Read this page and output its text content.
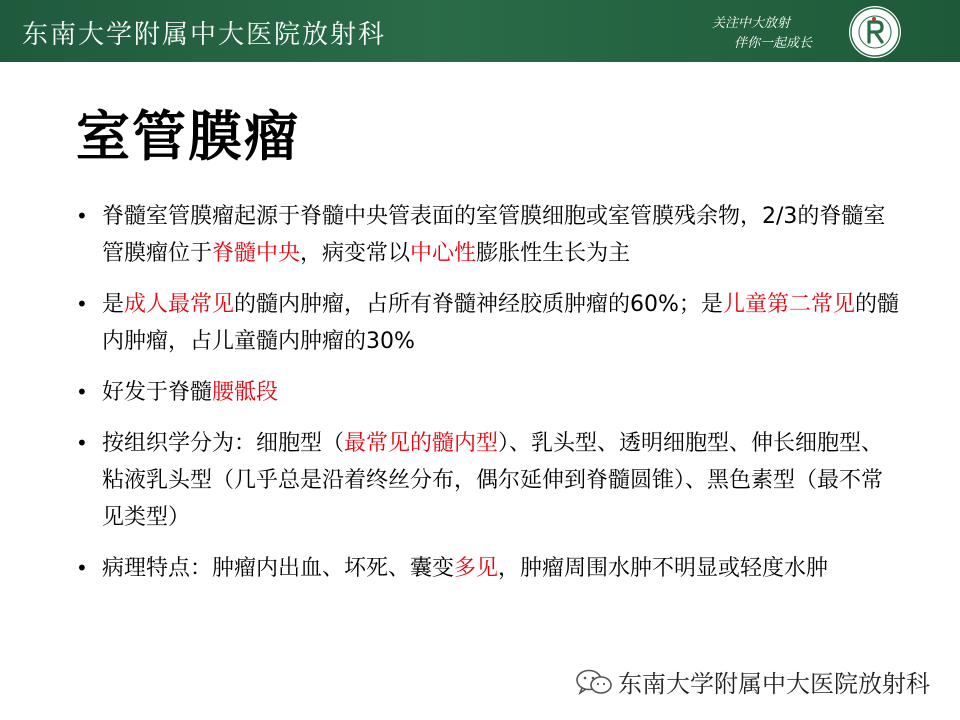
东南大学附属中大医院放射科	关注中大放射
伴你一起成长
室管膜瘤
• 脊髓室管膜瘤起源于脊髓中央管表面的室管膜细胞或室管膜残余物，2/3的脊髓室管膜瘤位于脊髓中央，病变常以中心性膨胀性生长为主
• 是成人最常见的髓内肿瘤，占所有脊髓神经胶质肿瘤的60%；是儿童第二常见的髓内肿瘤，占儿童髓内肿瘤的30%
• 好发于脊髓腰骶段
• 按组织学分为：细胞型（最常见的髓内型）、乳头型、透明细胞型、伸长细胞型、粘液乳头型（几乎总是沿着终丝分布，偶尔延伸到脊髓圆锥）、黑色素型（最不常见类型）
• 病理特点：肿瘤内出血、坏死、囊变多见，肿瘤周围水肿不明显或轻度水肿
东南大学附属中大医院放射科
